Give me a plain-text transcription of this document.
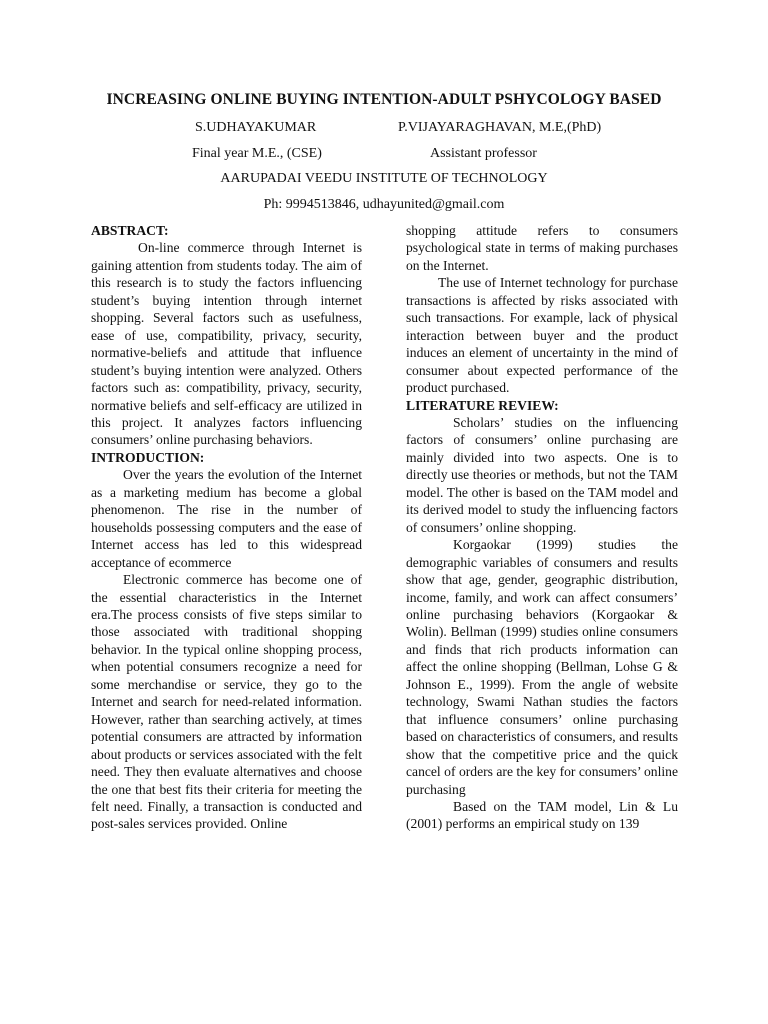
INCREASING ONLINE BUYING INTENTION-ADULT PSHYCOLOGY BASED
S.UDHAYAKUMAR	P.VIJAYARAGHAVAN, M.E,(PhD)
Final year M.E., (CSE)	Assistant professor
AARUPADAI VEEDU INSTITUTE OF TECHNOLOGY
Ph: 9994513846, udhayunited@gmail.com

ABSTRACT:

On-line commerce through Internet is gaining attention from students today. The aim of this research is to study the factors influencing student’s buying intention through internet shopping. Several factors such as usefulness, ease of use, compatibility, privacy, security, normative-beliefs and attitude that influence student’s buying intention were analyzed. Others factors such as: compatibility, privacy, security, normative beliefs and self-efficacy are utilized in this project. It analyzes factors influencing consumers’ online purchasing behaviors.

INTRODUCTION:

Over the years the evolution of the Internet as a marketing medium has become a global phenomenon. The rise in the number of households possessing computers and the ease of Internet access has led to this widespread acceptance of ecommerce

Electronic commerce has become one of the essential characteristics in the Internet era.The process consists of five steps similar to those associated with traditional shopping behavior. In the typical online shopping process, when potential consumers recognize a need for some merchandise or service, they go to the Internet and search for need-related information. However, rather than searching actively, at times potential consumers are attracted by information about products or services associated with the felt need. They then evaluate alternatives and choose the one that best fits their criteria for meeting the felt need. Finally, a transaction is conducted and post-sales services provided. Online

shopping attitude refers to consumers psychological state in terms of making purchases on the Internet.

The use of Internet technology for purchase transactions is affected by risks associated with such transactions. For example, lack of physical interaction between buyer and the product induces an element of uncertainty in the mind of consumer about expected performance of the product purchased.

LITERATURE REVIEW:

Scholars’ studies on the influencing factors of consumers’ online purchasing are mainly divided into two aspects. One is to directly use theories or methods, but not the TAM model. The other is based on the TAM model and its derived model to study the influencing factors of consumers’ online shopping.

Korgaokar (1999) studies the demographic variables of consumers and results show that age, gender, geographic distribution, income, family, and work can affect consumers’ online purchasing behaviors (Korgaokar & Wolin). Bellman (1999) studies online consumers and finds that rich products information can affect the online shopping (Bellman, Lohse G & Johnson E., 1999). From the angle of website technology, Swami Nathan studies the factors that influence consumers’ online purchasing based on characteristics of consumers, and results show that the competitive price and the quick cancel of orders are the key for consumers’ online purchasing

Based on the TAM model, Lin & Lu (2001) performs an empirical study on 139
